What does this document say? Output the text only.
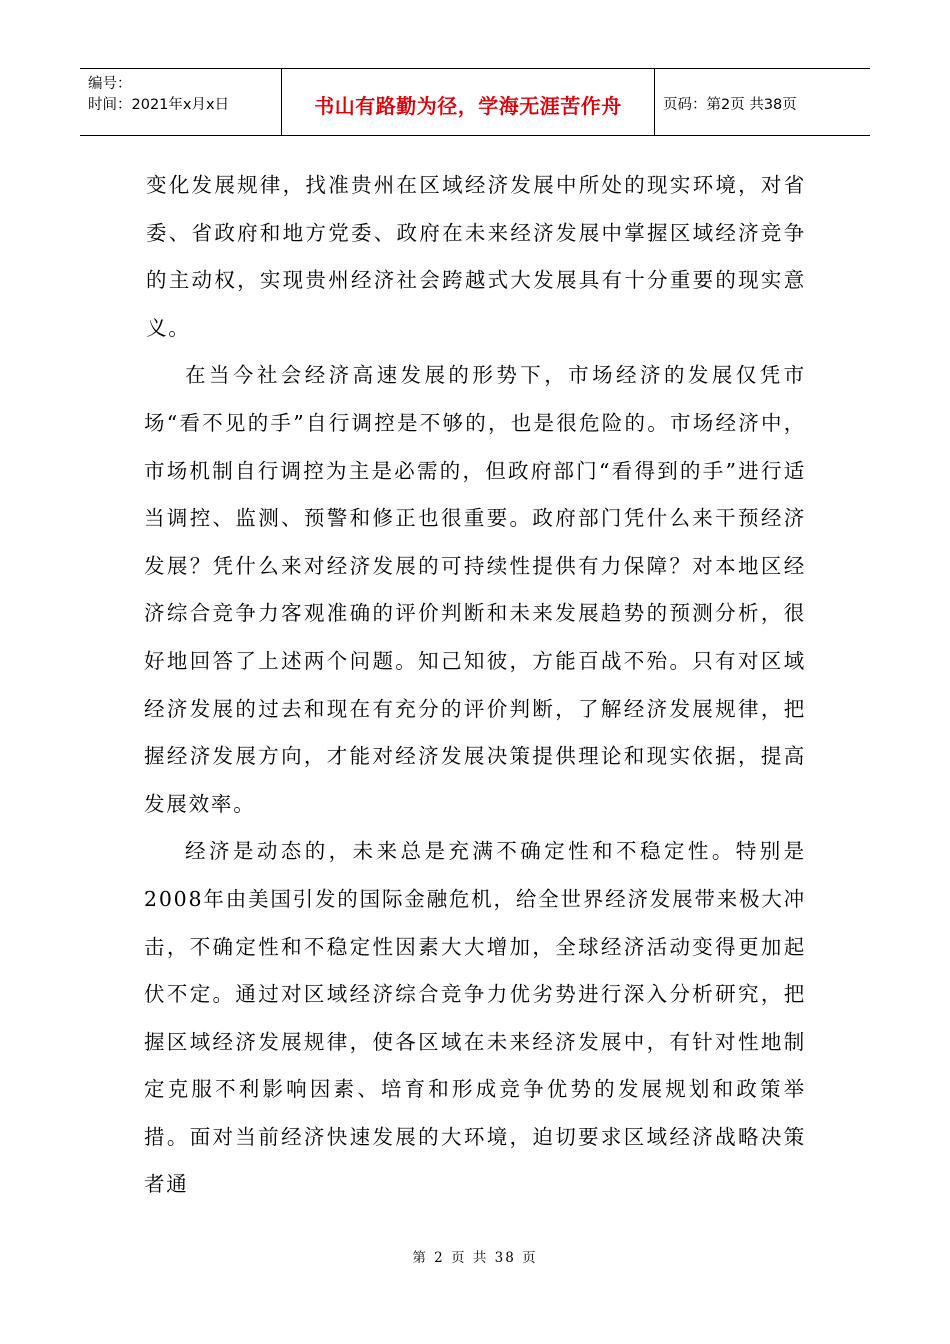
编号：
时间：2021年x月x日	书山有路勤为径，学海无涯苦作舟	页码：第2页 共38页

变化发展规律，找准贵州在区域经济发展中所处的现实环境，对省委、省政府和地方党委、政府在未来经济发展中掌握区域经济竞争的主动权，实现贵州经济社会跨越式大发展具有十分重要的现实意义。

在当今社会经济高速发展的形势下，市场经济的发展仅凭市场“看不见的手”自行调控是不够的，也是很危险的。市场经济中，市场机制自行调控为主是必需的，但政府部门“看得到的手”进行适当调控、监测、预警和修正也很重要。政府部门凭什么来干预经济发展？凭什么来对经济发展的可持续性提供有力保障？对本地区经济综合竞争力客观准确的评价判断和未来发展趋势的预测分析，很好地回答了上述两个问题。知己知彼，方能百战不殆。只有对区域经济发展的过去和现在有充分的评价判断，了解经济发展规律，把握经济发展方向，才能对经济发展决策提供理论和现实依据，提高发展效率。

经济是动态的，未来总是充满不确定性和不稳定性。特别是2008年由美国引发的国际金融危机，给全世界经济发展带来极大冲击，不确定性和不稳定性因素大大增加，全球经济活动变得更加起伏不定。通过对区域经济综合竞争力优劣势进行深入分析研究，把握区域经济发展规律，使各区域在未来经济发展中，有针对性地制定克服不利影响因素、培育和形成竞争优势的发展规划和政策举措。面对当前经济快速发展的大环境，迫切要求区域经济战略决策者通

第 2 页 共 38 页
